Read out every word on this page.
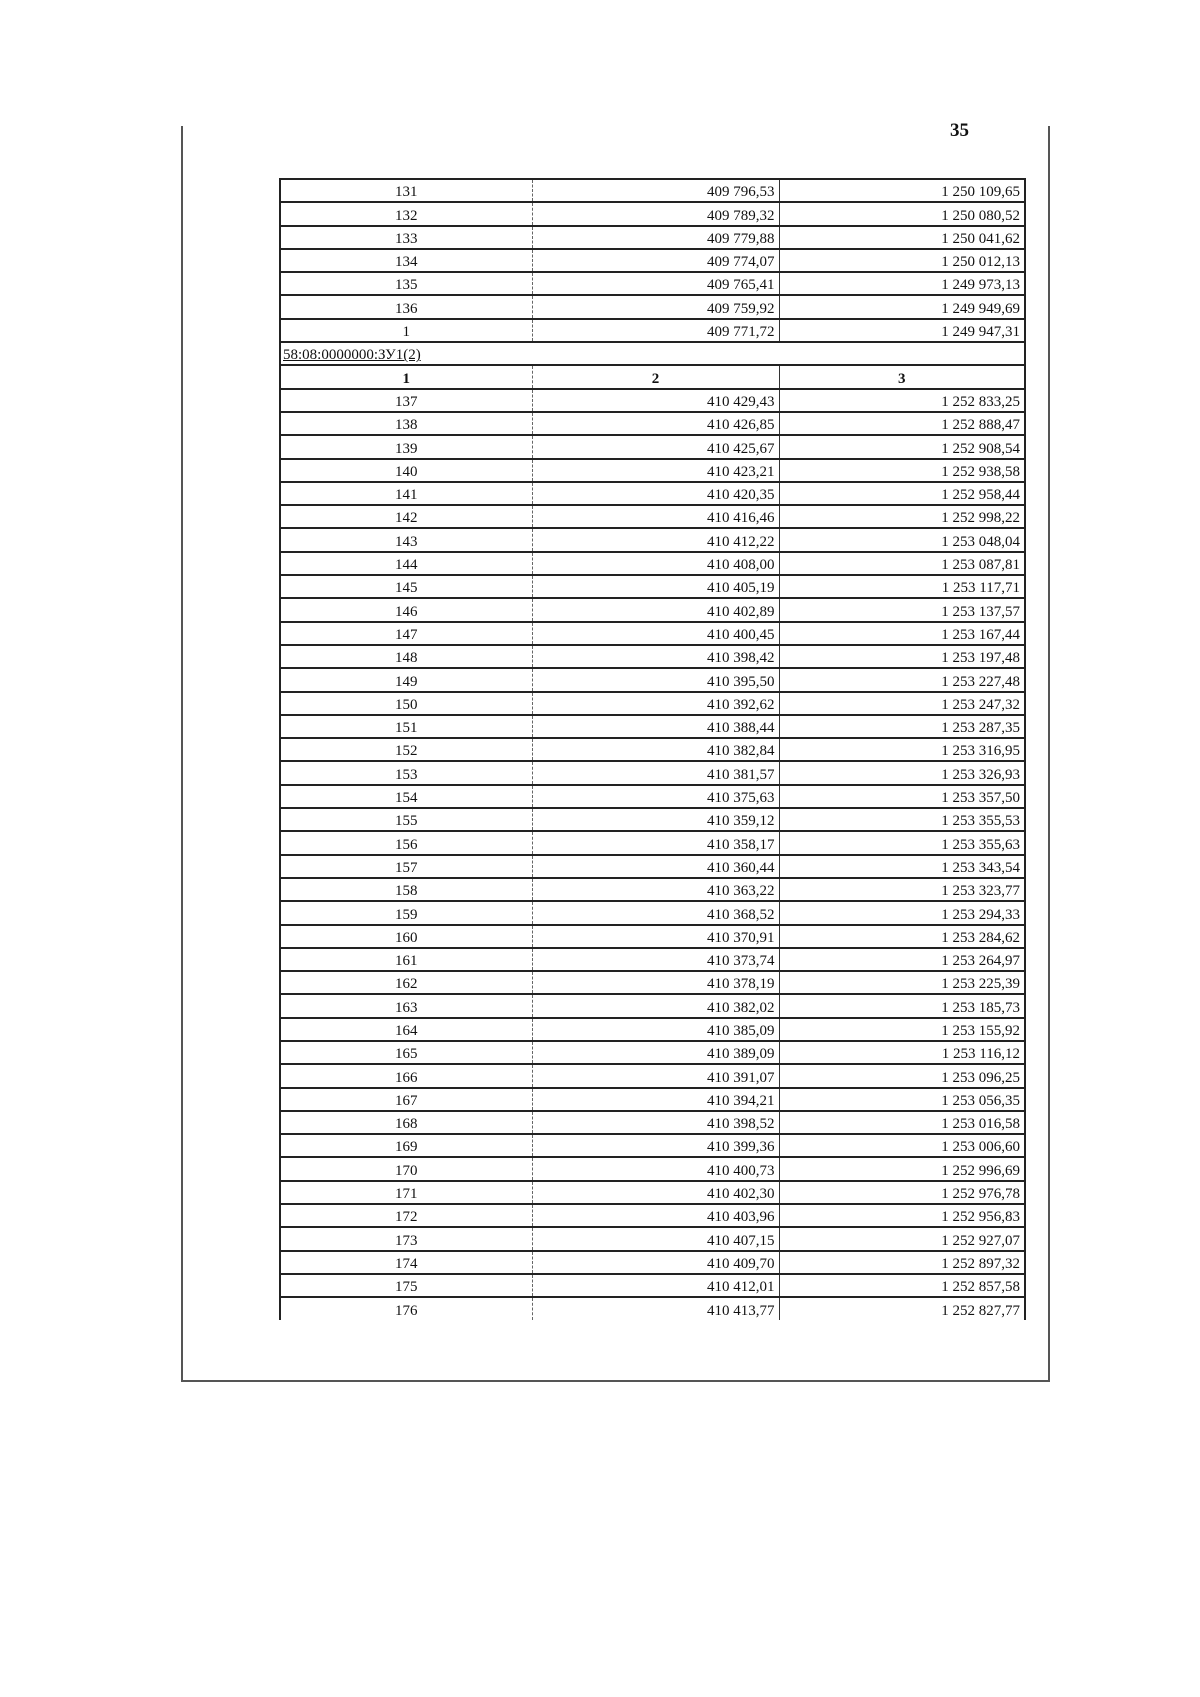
35
131	409 796,53	1 250 109,65
132	409 789,32	1 250 080,52
133	409 779,88	1 250 041,62
134	409 774,07	1 250 012,13
135	409 765,41	1 249 973,13
136	409 759,92	1 249 949,69
1	409 771,72	1 249 947,31
58:08:0000000:ЗУ1(2)		
1	2	3
137	410 429,43	1 252 833,25
138	410 426,85	1 252 888,47
139	410 425,67	1 252 908,54
140	410 423,21	1 252 938,58
141	410 420,35	1 252 958,44
142	410 416,46	1 252 998,22
143	410 412,22	1 253 048,04
144	410 408,00	1 253 087,81
145	410 405,19	1 253 117,71
146	410 402,89	1 253 137,57
147	410 400,45	1 253 167,44
148	410 398,42	1 253 197,48
149	410 395,50	1 253 227,48
150	410 392,62	1 253 247,32
151	410 388,44	1 253 287,35
152	410 382,84	1 253 316,95
153	410 381,57	1 253 326,93
154	410 375,63	1 253 357,50
155	410 359,12	1 253 355,53
156	410 358,17	1 253 355,63
157	410 360,44	1 253 343,54
158	410 363,22	1 253 323,77
159	410 368,52	1 253 294,33
160	410 370,91	1 253 284,62
161	410 373,74	1 253 264,97
162	410 378,19	1 253 225,39
163	410 382,02	1 253 185,73
164	410 385,09	1 253 155,92
165	410 389,09	1 253 116,12
166	410 391,07	1 253 096,25
167	410 394,21	1 253 056,35
168	410 398,52	1 253 016,58
169	410 399,36	1 253 006,60
170	410 400,73	1 252 996,69
171	410 402,30	1 252 976,78
172	410 403,96	1 252 956,83
173	410 407,15	1 252 927,07
174	410 409,70	1 252 897,32
175	410 412,01	1 252 857,58
176	410 413,77	1 252 827,77
